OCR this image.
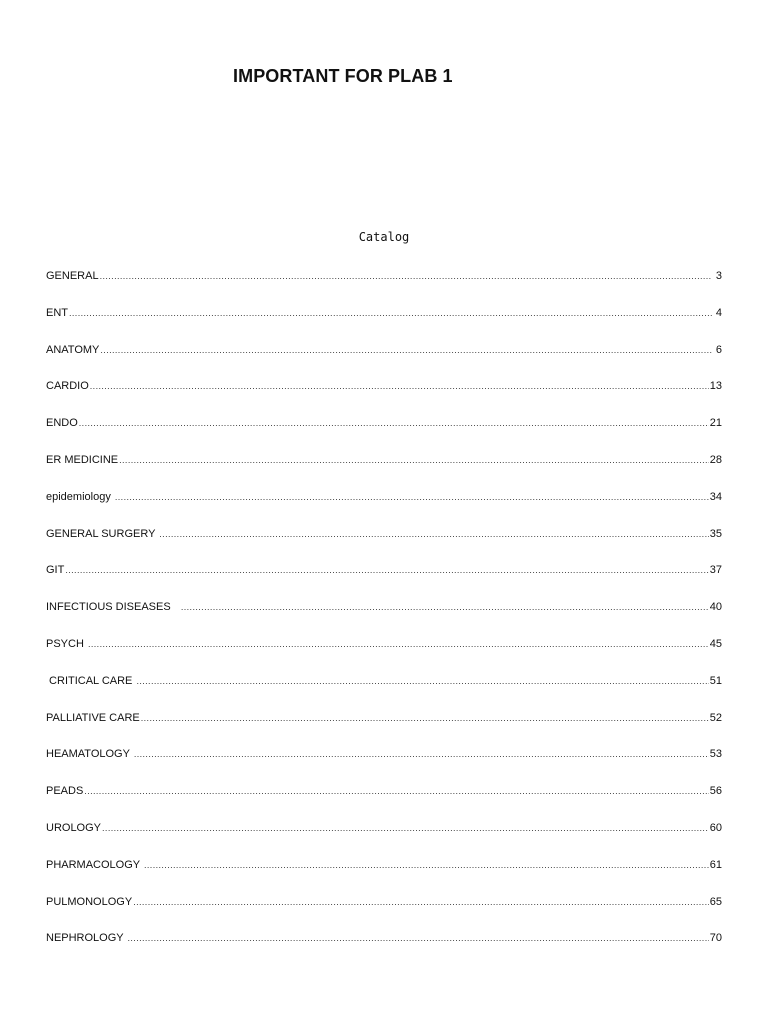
IMPORTANT FOR PLAB 1
Catalog
GENERAL .....	3
ENT .....	4
ANATOMY .....	6
CARDIO .....	13
ENDO .....	21
ER MEDICINE .....	28
epidemiology .....	34
GENERAL SURGERY .....	35
GIT .....	37
INFECTIOUS DISEASES .....	40
PSYCH .....	45
CRITICAL CARE .....	51
PALLIATIVE CARE .....	52
HEAMATOLOGY .....	53
PEADS .....	56
UROLOGY .....	60
PHARMACOLOGY .....	61
PULMONOLOGY .....	65
NEPHROLOGY .....	70
